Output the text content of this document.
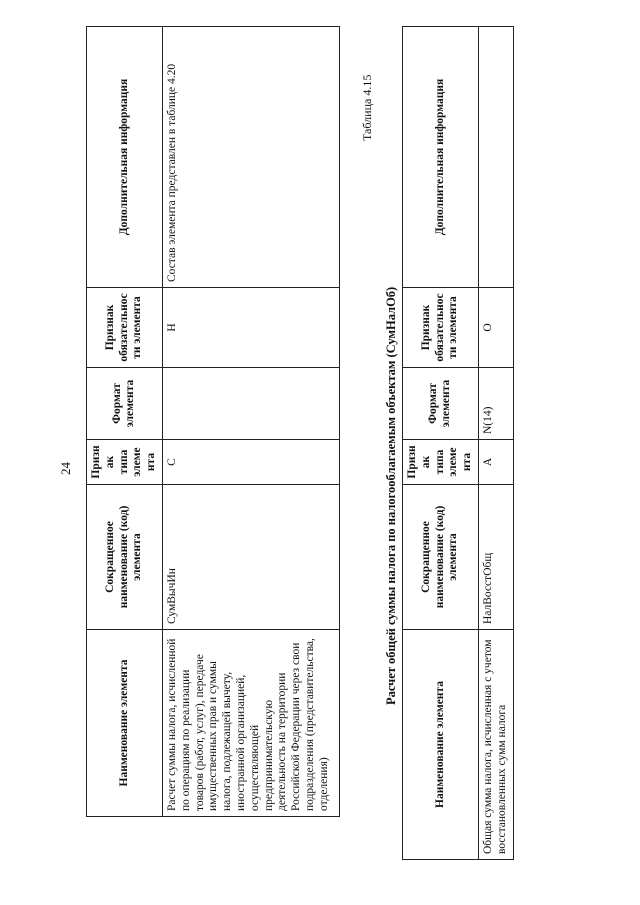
24
Наименование элемента	Сокращенное наименование (код) элемента	Признак типа элемента	Формат элемента	Признак обязательности элемента	Дополнительная информация
Расчет суммы налога, исчисленной по операциям по реализации товаров (работ, услуг), передаче имущественных прав и суммы налога, подлежащей вычету, иностранной организацией, осуществляющей предпринимательскую деятельность на территории Российской Федерации через свои подразделения (представительства, отделения)	СумВычИн	С		Н	Состав элемента представлен в таблице 4.20	Таблица 4.15
Расчет общей суммы налога по налогооблагаемым объектам (СумНалОб)
Наименование элемента	Сокращенное наименование (код) элемента	Признак типа элемента	Формат элемента	Признак обязательности элемента	Дополнительная информация
Общая сумма налога, исчисленная с учетом восстановленных сумм налога	НалВосстОбщ	А	N(14)	О	
